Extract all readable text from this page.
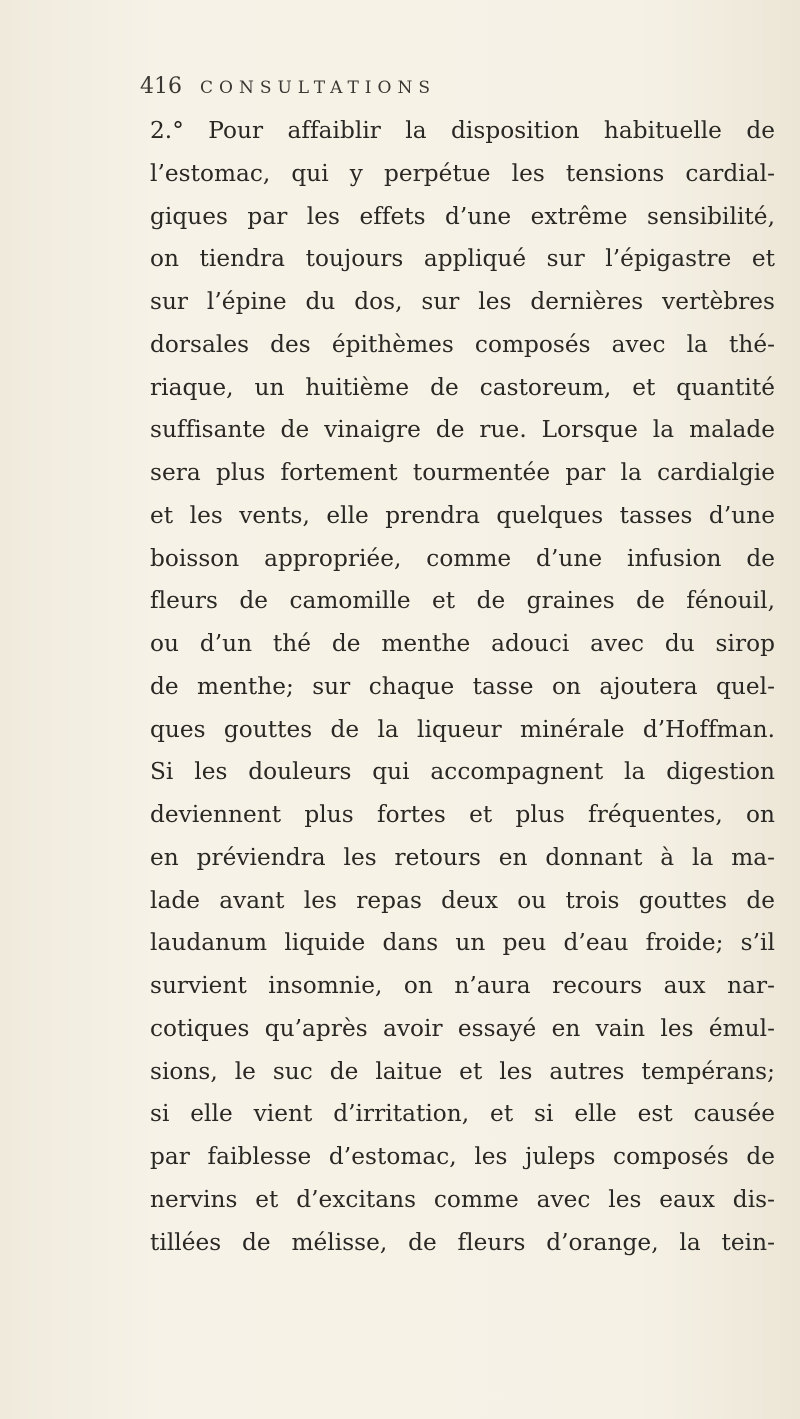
416 CONSULTATIONS
2.° Pour affaiblir la disposition habituelle de
l’estomac, qui y perpétue les tensions cardial-
giques par les effets d’une extrême sensibilité,
on tiendra toujours appliqué sur l’épigastre et
sur l’épine du dos, sur les dernières vertèbres
dorsales des épithèmes composés avec la thé-
riaque, un huitième de castoreum, et quantité
suffisante de vinaigre de rue. Lorsque la malade
sera plus fortement tourmentée par la cardialgie
et les vents, elle prendra quelques tasses d’une
boisson appropriée, comme d’une infusion de
fleurs de camomille et de graines de fénouil,
ou d’un thé de menthe adouci avec du sirop
de menthe; sur chaque tasse on ajoutera quel-
ques gouttes de la liqueur minérale d’Hoffman.
Si les douleurs qui accompagnent la digestion
deviennent plus fortes et plus fréquentes, on
en préviendra les retours en donnant à la ma-
lade avant les repas deux ou trois gouttes de
laudanum liquide dans un peu d’eau froide; s’il
survient insomnie, on n’aura recours aux nar-
cotiques qu’après avoir essayé en vain les émul-
sions, le suc de laitue et les autres tempérans;
si elle vient d’irritation, et si elle est causée
par faiblesse d’estomac, les juleps composés de
nervins et d’excitans comme avec les eaux dis-
tillées de mélisse, de fleurs d’orange, la tein-
